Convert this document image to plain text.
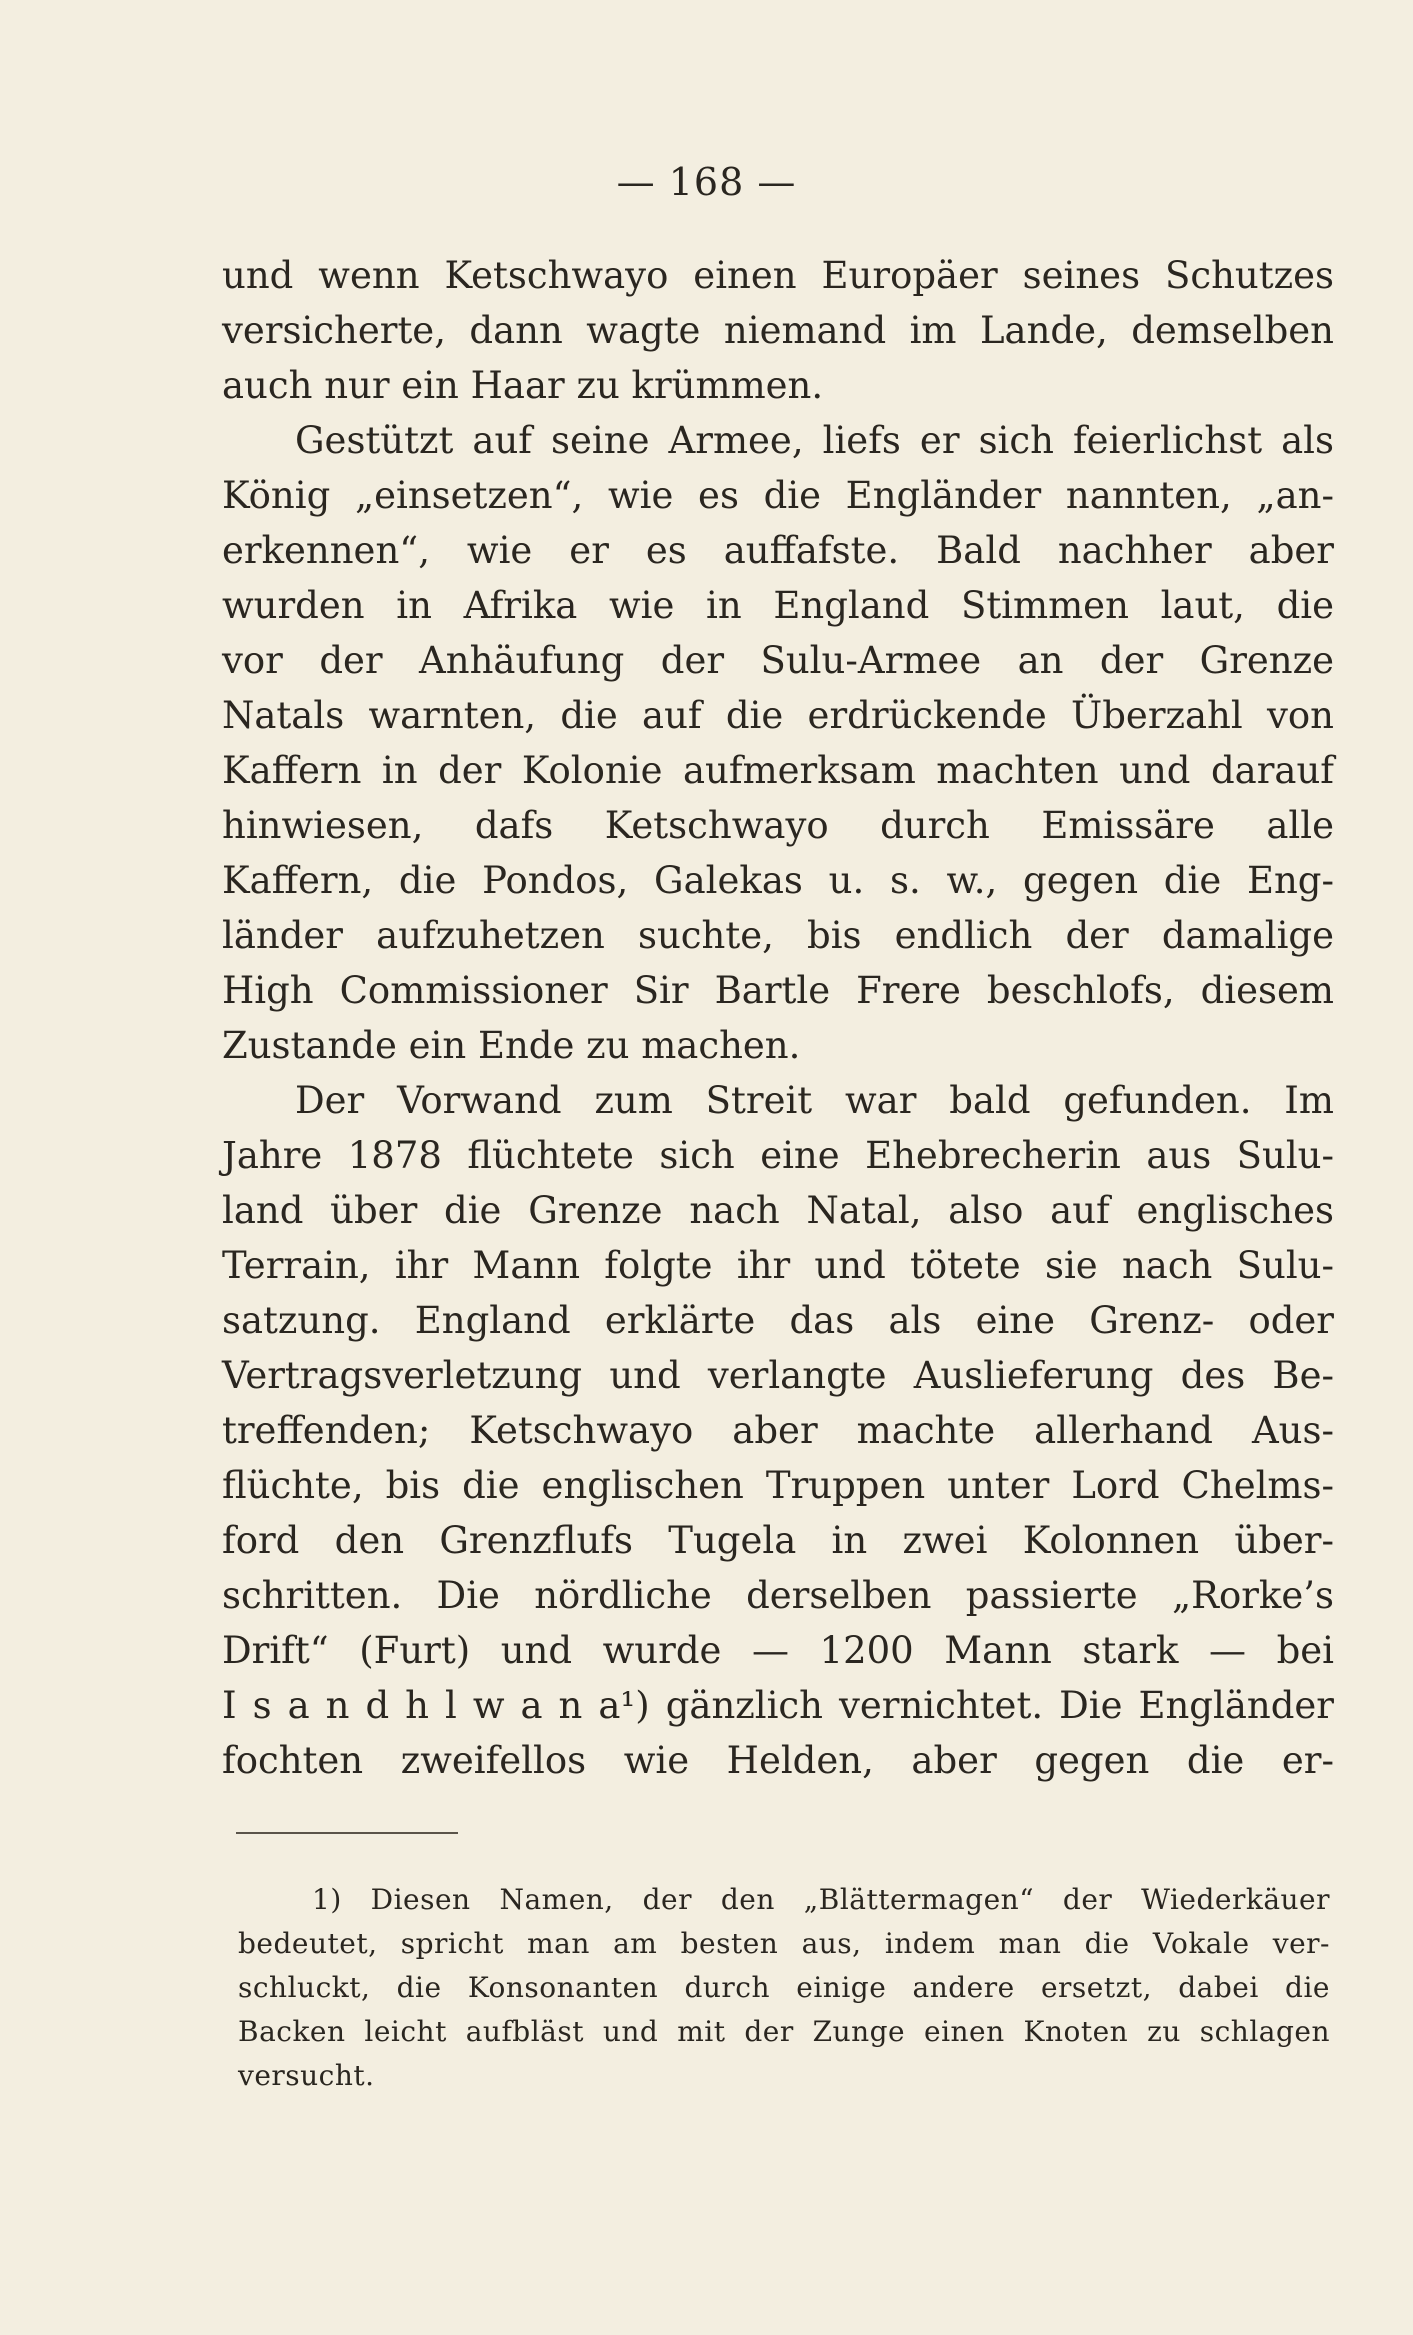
— 168 —
und wenn Ketschwayo einen Europäer seines Schutzes
versicherte, dann wagte niemand im Lande, demselben
auch nur ein Haar zu krümmen.
Gestützt auf seine Armee, liefs er sich feierlichst als
König „einsetzen“, wie es die Engländer nannten, „an-
erkennen“, wie er es auffafste. Bald nachher aber
wurden in Afrika wie in England Stimmen laut, die
vor der Anhäufung der Sulu-Armee an der Grenze
Natals warnten, die auf die erdrückende Überzahl von
Kaffern in der Kolonie aufmerksam machten und darauf
hinwiesen, dafs Ketschwayo durch Emissäre alle
Kaffern, die Pondos, Galekas u. s. w., gegen die Eng-
länder aufzuhetzen suchte, bis endlich der damalige
High Commissioner Sir Bartle Frere beschlofs, diesem
Zustande ein Ende zu machen.
Der Vorwand zum Streit war bald gefunden. Im
Jahre 1878 flüchtete sich eine Ehebrecherin aus Sulu-
land über die Grenze nach Natal, also auf englisches
Terrain, ihr Mann folgte ihr und tötete sie nach Sulu-
satzung. England erklärte das als eine Grenz- oder
Vertragsverletzung und verlangte Auslieferung des Be-
treffenden; Ketschwayo aber machte allerhand Aus-
flüchte, bis die englischen Truppen unter Lord Chelms-
ford den Grenzflufs Tugela in zwei Kolonnen über-
schritten. Die nördliche derselben passierte „Rorke’s
Drift“ (Furt) und wurde — 1200 Mann stark — bei
I s a n d h l w a n a¹) gänzlich vernichtet. Die Engländer
fochten zweifellos wie Helden, aber gegen die er-
1) Diesen Namen, der den „Blättermagen“ der Wiederkäuer
bedeutet, spricht man am besten aus, indem man die Vokale ver-
schluckt, die Konsonanten durch einige andere ersetzt, dabei die
Backen leicht aufbläst und mit der Zunge einen Knoten zu schlagen
versucht.
